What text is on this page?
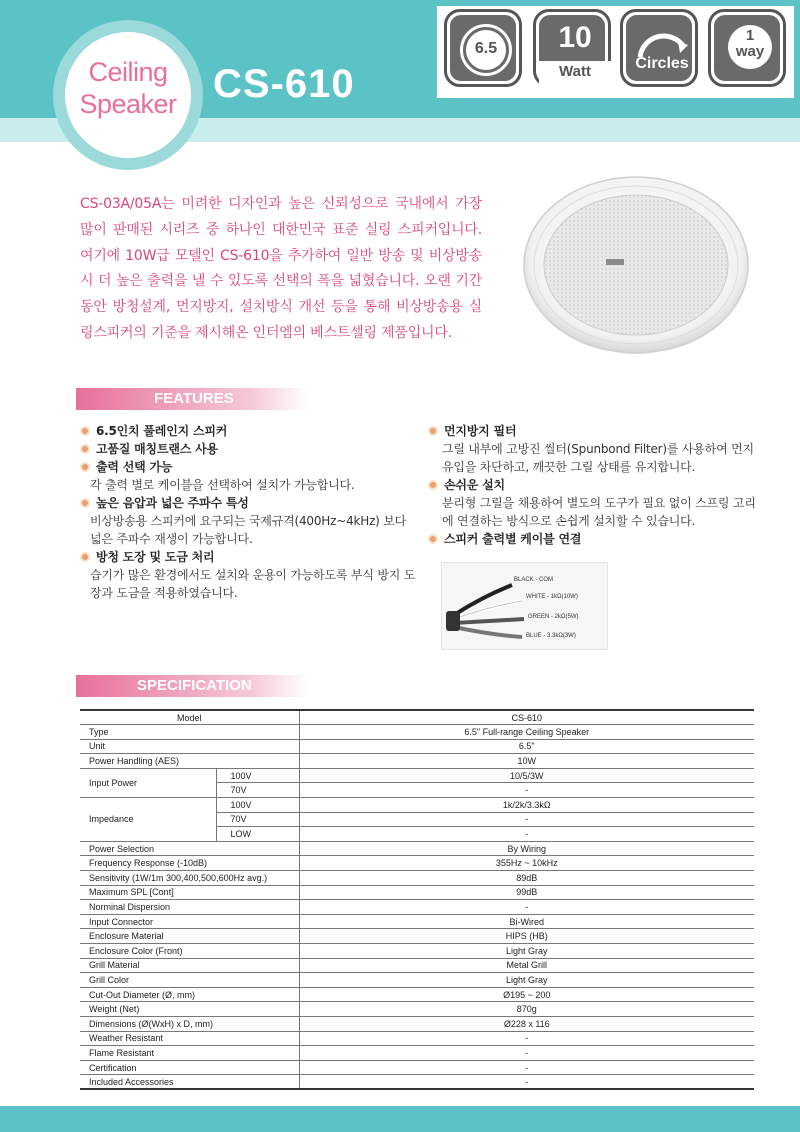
Ceiling
Speaker CS-610
6.5	10
Watt	Circles
1
way

CS-03A/05A는 미려한 디자인과 높은 신뢰성으로 국내에서 가장 많이 판매된 시리즈 중 하나인 대한민국 표준 실링 스피커입니다. 여기에 10W급 모델인 CS-610을 추가하여 일반 방송 및 비상방송 시 더 높은 출력을 낼 수 있도록 선택의 폭을 넓혔습니다. 오랜 기간동안 방청설계, 먼지방지, 설치방식 개선 등을 통해 비상방송용 실링스피커의 기준을 제시해온 인터엠의 베스트셀링 제품입니다.

FEATURES
6.5인치 풀레인지 스피커
고품질 매칭트랜스 사용
출력 선택 가능
각 출력 별로 케이블을 선택하여 설치가 가능합니다.
높은 음압과 넓은 주파수 특성
비상방송용 스피커에 요구되는 국제규격(400Hz~4kHz) 보다 넓은 주파수 재생이 가능합니다.
방청 도장 및 도금 처리
습기가 많은 환경에서도 설치와 운용이 가능하도록 부식 방지 도장과 도금을 적용하였습니다.
먼지방지 필터
그릴 내부에 고방진 씰터(Spunbond Filter)를 사용하여 먼지 유입을 차단하고, 깨끗한 그릴 상태를 유지합니다.
손쉬운 설치
분리형 그릴을 채용하여 별도의 도구가 필요 없이 스프링 고리에 연결하는 방식으로 손쉽게 설치할 수 있습니다.
스피커 출력별 케이블 연결
BLACK - COM
WHITE - 1kΩ(10W)
GREEN - 2kΩ(5W)
BLUE - 3.3kΩ(3W)
SPECIFICATION
Model		CS-610
Type		6.5" Full-range Ceiling Speaker
Unit		6.5"
Power Handling (AES)		10W
Input Power	100V	10/5/3W
	70V	-
Impedance	100V	1k/2k/3.3kΩ
	70V	-
	LOW	-
Power Selection		By Wiring
Frequency Response (-10dB)		355Hz ~ 10kHz
Sensitivity (1W/1m 300,400,500,600Hz avg.)		89dB
Maximum SPL [Cont]		99dB
Norminal Dispersion		-
Input Connector		Bi-Wired
Enclosure Material		HIPS (HB)
Enclosure Color (Front)		Light Gray
Grill Material		Metal Grill
Grill Color		Light Gray
Cut-Out Diameter (Ø, mm)		Ø195 ~ 200
Weight (Net)		870g
Dimensions (Ø(WxH) x D, mm)		Ø228 x 116
Weather Resistant		-
Flame Resistant		-
Certification		-
Included Accessories		-
